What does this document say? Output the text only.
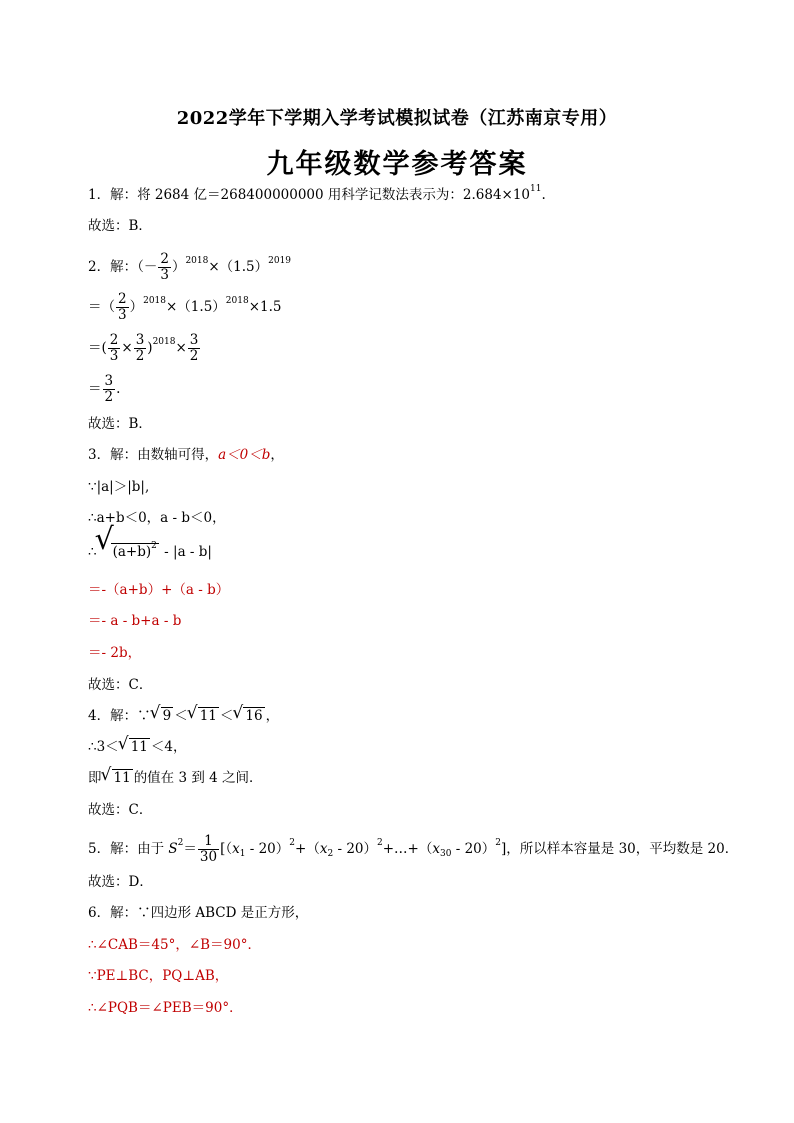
2022学年下学期入学考试模拟试卷（江苏南京专用）
九年级数学参考答案
1．解：将 2684 亿＝268400000000 用科学记数法表示为：$2.684\times 10^{11}$.
故选：B．
2．解：（－ $\frac{2}{3} )^{2018}\times(1.5)^{2019}$
＝（ $\frac{2}{3} )^{2018}\times(1.5)^{2018}\times 1.5$
＝( $\frac{2}{3} \times \frac{3}{2} )^{2018}\times \frac{3}{2}$
＝ $\frac{3}{2}$ .
故选：B．
3．解：由数轴可得，a＜0＜b，
∵|a|＞|b|,
∴a+b＜0，a - b＜0，
∴ √ $(a+b)^2 - |a - b|$
＝-（a+b）+（a - b）
＝- a - b+a - b
＝- 2b，
故选：C．
4．解：∵ √ 9 ＜ √ 11 ＜ √ 16 ，
∴3＜ √ 11 ＜4，
即 √ 11 的值在 3 到 4 之间．
故选：C．
5．解：由于 $S^2= \frac{1}{30} [(x_1 - 20)^2+(x_2$ - $20)^2+\dots+(x_{30} - 20)^2$]，所以样本容量是 30，平均数是 20．
故选：D．
6．解：∵四边形 ABCD 是正方形，
∴∠CAB＝45°，∠B＝90°．
∵PE⊥BC，PQ⊥AB，
∴∠PQB＝∠PEB＝90°．
